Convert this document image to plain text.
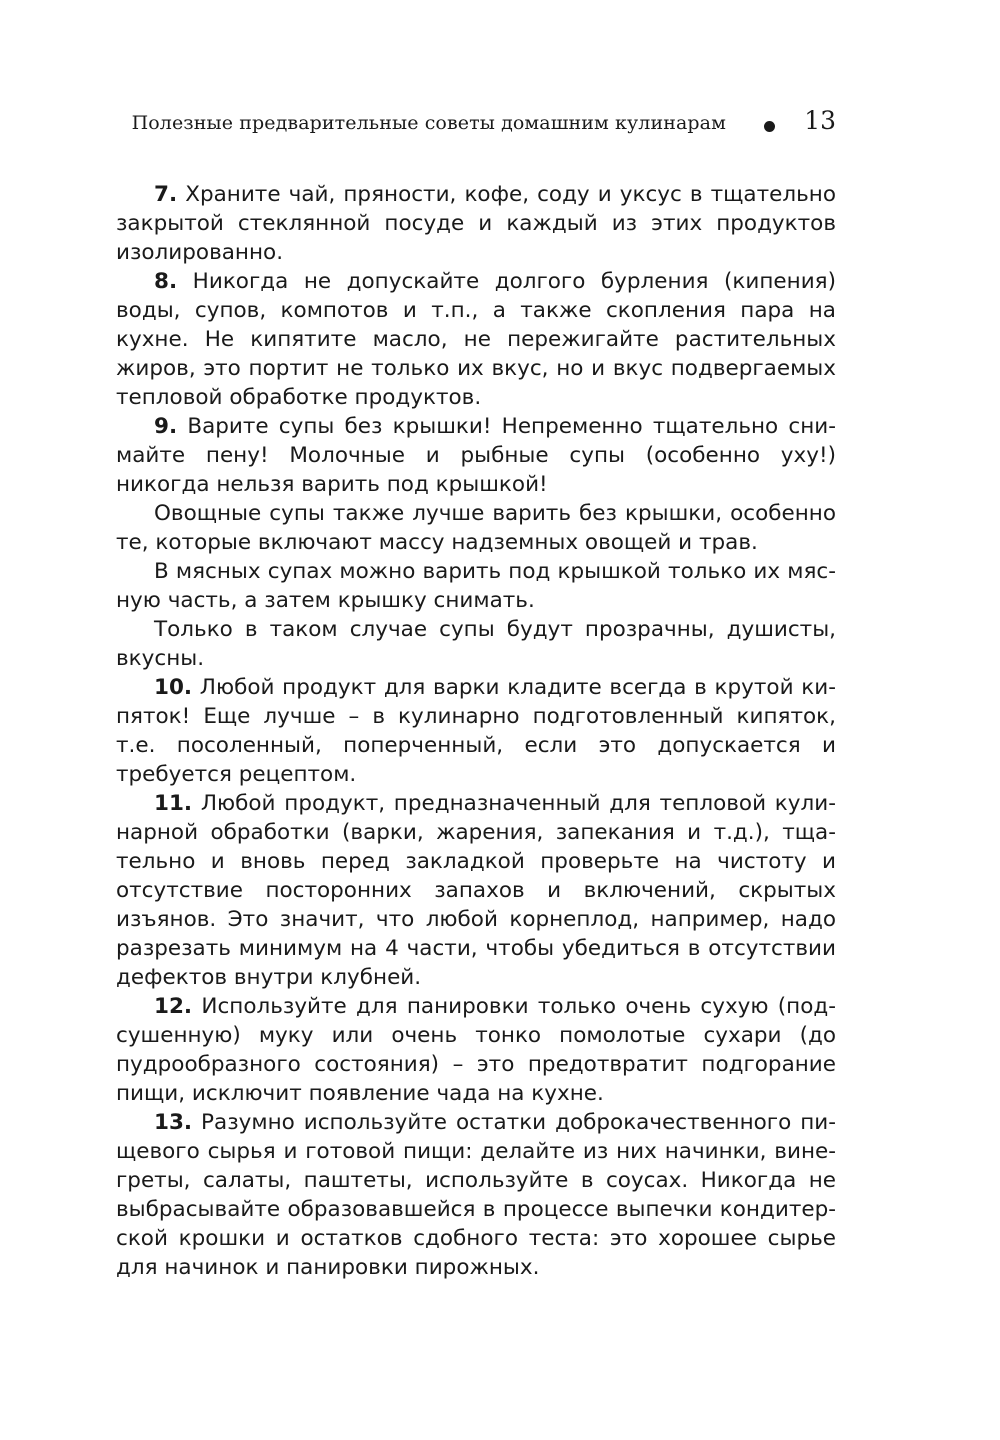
Полезные предварительные советы домашним кулинарам	13

7. Храните чай, пряности, кофе, соду и уксус в тщательно закрытой стеклянной посуде и каждый из этих продуктов изолированно.

8. Никогда не допускайте долгого бурления (кипения) воды, супов, компотов и т.п., а также скопления пара на кухне. Не кипятите масло, не пережигайте растительных жиров, это портит не только их вкус, но и вкус подвергаемых тепловой обработке продуктов.

9. Варите супы без крышки! Непременно тщательно снимайте пену! Молочные и рыбные супы (особенно уху!) никогда нельзя варить под крышкой!

Овощные супы также лучше варить без крышки, особенно те, которые включают массу надземных овощей и трав.

В мясных супах можно варить под крышкой только их мясную часть, а затем крышку снимать.

Только в таком случае супы будут прозрачны, душисты, вкусны.

10. Любой продукт для варки кладите всегда в крутой кипяток! Еще лучше – в кулинарно подготовленный кипяток, т.е. посоленный, поперченный, если это допускается и требуется рецептом.

11. Любой продукт, предназначенный для тепловой кулинарной обработки (варки, жарения, запекания и т.д.), тщательно и вновь перед закладкой проверьте на чистоту и отсутствие посторонних запахов и включений, скрытых изъянов. Это значит, что любой корнеплод, например, надо разрезать минимум на 4 части, чтобы убедиться в отсутствии дефектов внутри клубней.

12. Используйте для панировки только очень сухую (подсушенную) муку или очень тонко помолотые сухари (до пудрообразного состояния) – это предотвратит подгорание пищи, исключит появление чада на кухне.

13. Разумно используйте остатки доброкачественного пищевого сырья и готовой пищи: делайте из них начинки, винегреты, салаты, паштеты, используйте в соусах. Никогда не выбрасывайте образовавшейся в процессе выпечки кондитерской крошки и остатков сдобного теста: это хорошее сырье для начинок и панировки пирожных.
